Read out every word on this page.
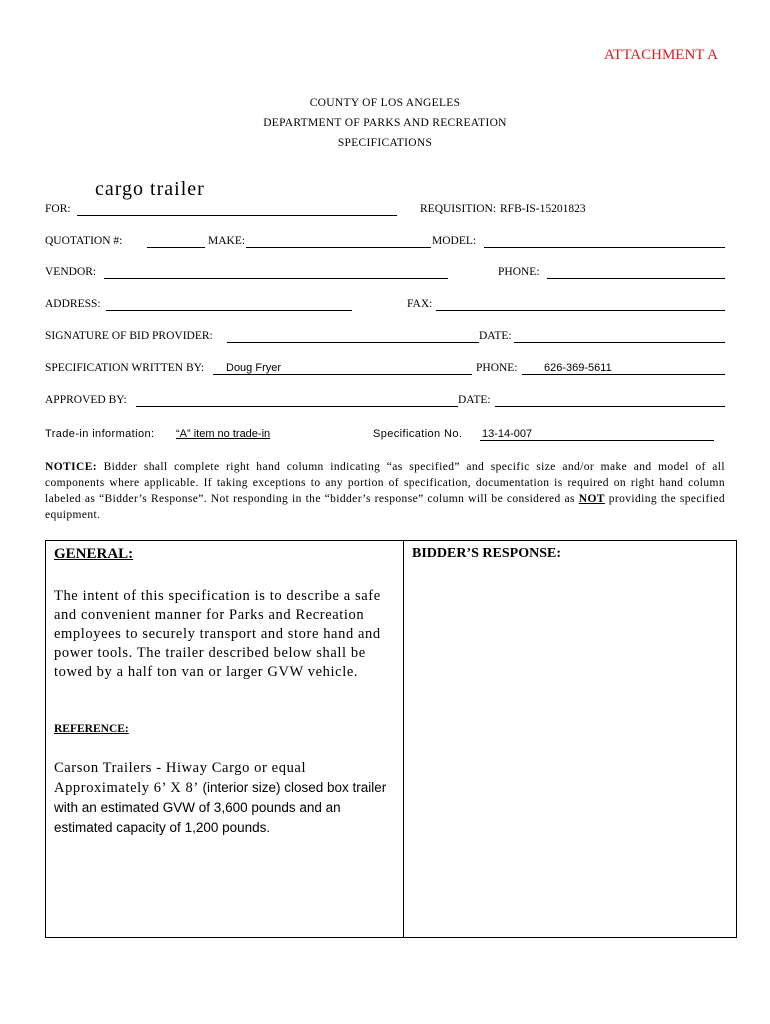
ATTACHMENT A
COUNTY OF LOS ANGELES
DEPARTMENT OF PARKS AND RECREATION
SPECIFICATIONS
cargo trailer
FOR:	REQUISITION: RFB-IS-15201823
QUOTATION #:	MAKE:	MODEL:
VENDOR:	PHONE:
ADDRESS:	FAX:
SIGNATURE OF BID PROVIDER:	DATE:
SPECIFICATION WRITTEN BY: Doug Fryer	PHONE: 626-369-5611
APPROVED BY:	DATE:
Trade-in information: “A” item no trade-in	Specification No. 13-14-007
NOTICE: Bidder shall complete right hand column indicating “as specified” and specific size and/or make and model of all components where applicable. If taking exceptions to any portion of specification, documentation is required on right hand column labeled as “Bidder’s Response”. Not responding in the “bidder’s response” column will be considered as NOT providing the specified equipment.
GENERAL:	BIDDER’S RESPONSE:
The intent of this specification is to describe a safe and convenient manner for Parks and Recreation employees to securely transport and store hand and power tools. The trailer described below shall be towed by a half ton van or larger GVW vehicle.
REFERENCE:
Carson Trailers - Hiway Cargo or equal
Approximately 6’ X 8’ (interior size) closed box trailer with an estimated GVW of 3,600 pounds and an estimated capacity of 1,200 pounds.
